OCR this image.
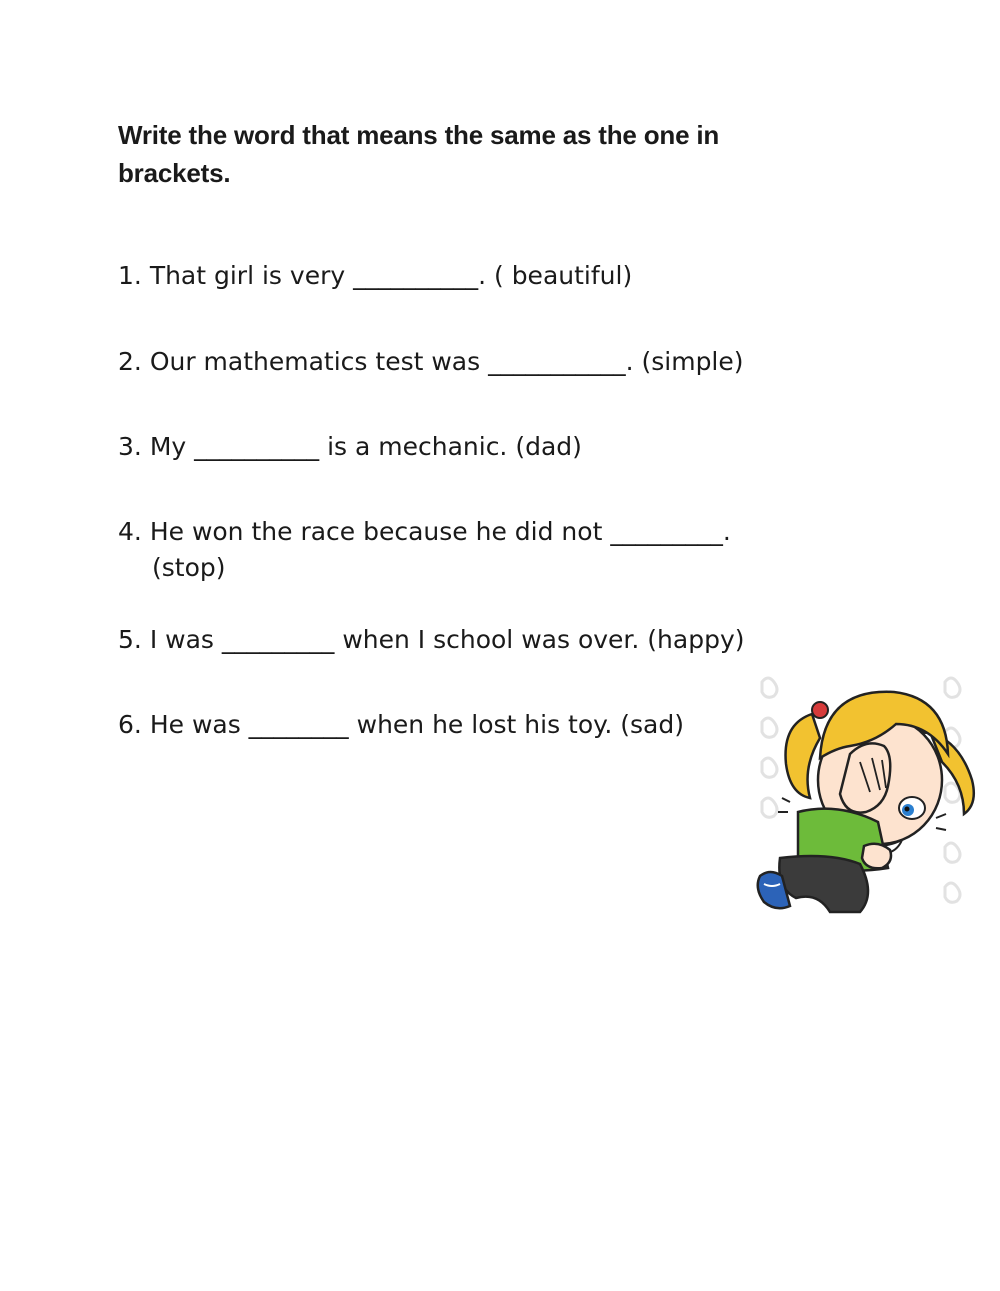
Write the word that means the same as the one in brackets.

1. That girl is very __________. ( beautiful)
2. Our mathematics test was ___________. (simple)
3. My __________ is a mechanic. (dad)
4. He won the race because he did not _________.
(stop)
5. I was _________ when I school was over. (happy)
6. He was ________ when he lost his toy. (sad)
